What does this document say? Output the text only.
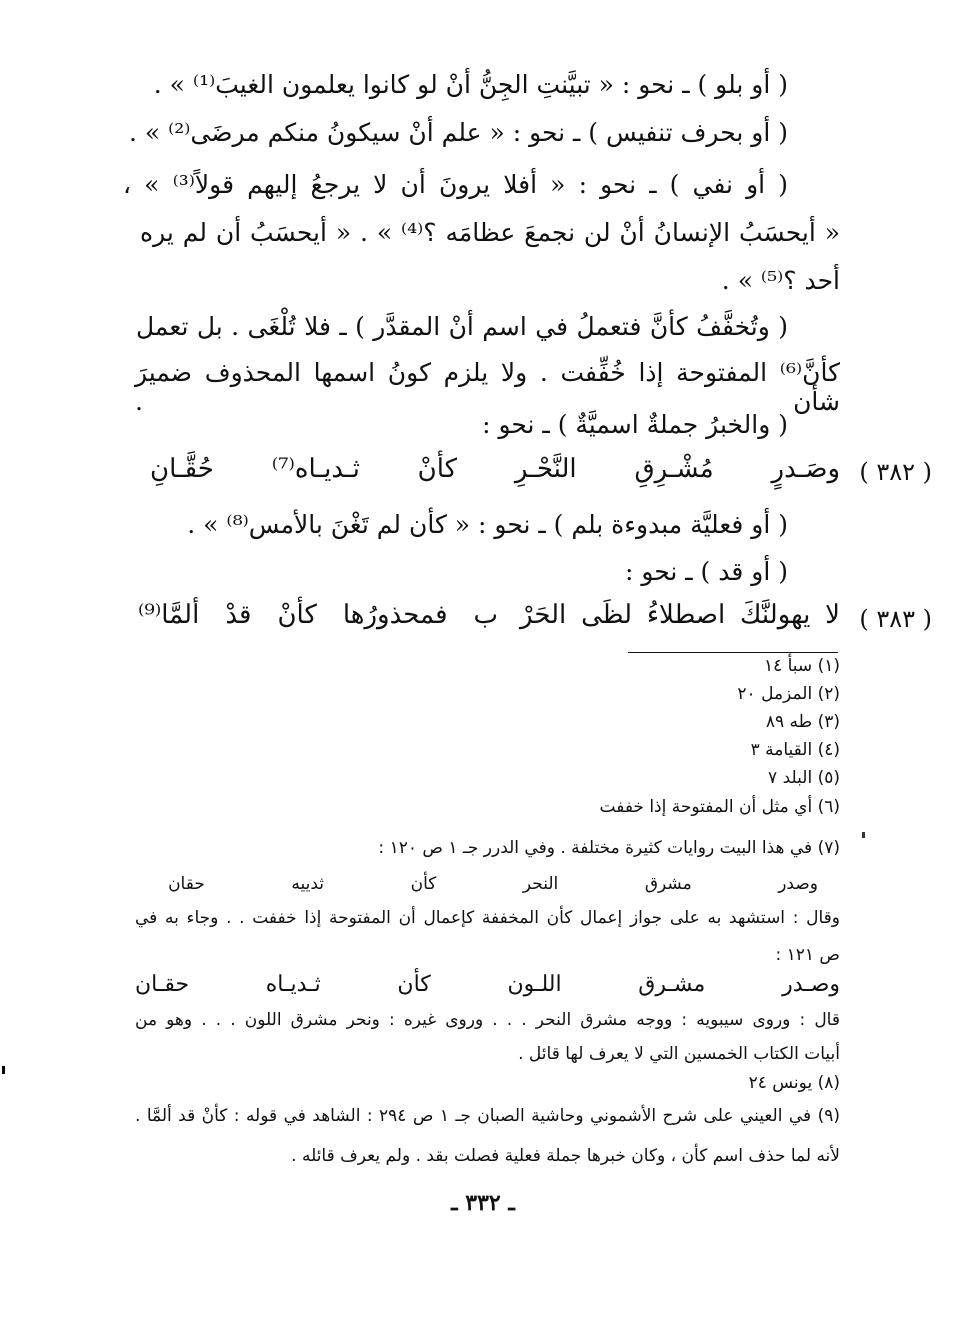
( أو بلو ) ـ نحو : « تبيَّنتِ الجِنُّ أنْ لو كانوا يعلمون الغيبَ⁽¹⁾ » .
( أو بحرف تنفيس ) ـ نحو : « علم أنْ سيكونُ منكم مرضَى⁽²⁾ » .
( أو نفي ) ـ نحو : « أفلا يرونَ أن لا يرجعُ إليهم قولاً⁽³⁾ » ،
« أيحسَبُ الإنسانُ أنْ لن نجمعَ عظامَه ؟⁽⁴⁾ » . « أيحسَبُ أن لم يره
أحد ؟⁽⁵⁾ » .
( وتُخفَّفُ كأنَّ فتعملُ في اسم أنْ المقدَّر ) ـ فلا تُلْغَى . بل تعمل
كأنَّ⁽⁶⁾ المفتوحة إذا خُفِّفت . ولا يلزم كونُ اسمها المحذوف ضميرَ شأن .
( والخبرُ جملةٌ اسميَّةٌ ) ـ نحو :
( ٣٨٢ )
وصَـدرٍ مُشْـرِقِ النَّحْـرِ كأنْ ثـديـاه⁽⁷⁾ حُقَّـانِ
( أو فعليَّة مبدوءة بلم ) ـ نحو : « كأن لم تَغْنَ بالأمس⁽⁸⁾ » .
( أو قد ) ـ نحو :
( ٣٨٣ )
لا يهولنَّكَ اصطلاءُ لظَى الحَرْ
ب فمحذورُها كأنْ قدْ ألمَّا⁽⁹⁾
(١) سبأ ١٤
(٢) المزمل ٢٠
(٣) طه ٨٩
(٤) القيامة ٣
(٥) البلد ٧
(٦) أي مثل أن المفتوحة إذا خففت
(٧) في هذا البيت روايات كثيرة مختلفة . وفي الدرر جـ ١ ص ١٢٠ :
وصدر
مشرق
النحر
كأن
ثدييه
حقان
وقال : استشهد به على جواز إعمال كأن المخففة كإعمال أن المفتوحة إذا خففت . . وجاء به في
ص ١٢١ :
وصـدر
مشـرق
اللـون
كأن
ثـديـاه
حقـان
قال : وروى سيبويه : ووجه مشرق النحر . . . وروى غيره : ونحر مشرق اللون . . . وهو من
أبيات الكتاب الخمسين التي لا يعرف لها قائل .
(٨) يونس ٢٤
(٩) في العيني على شرح الأشموني وحاشية الصبان جـ ١ ص ٢٩٤ : الشاهد في قوله : كأنْ قد ألمَّا .
لأنه لما حذف اسم كأن ، وكان خبرها جملة فعلية فصلت بقد . ولم يعرف قائله .
ـ ٣٣٢ ـ
